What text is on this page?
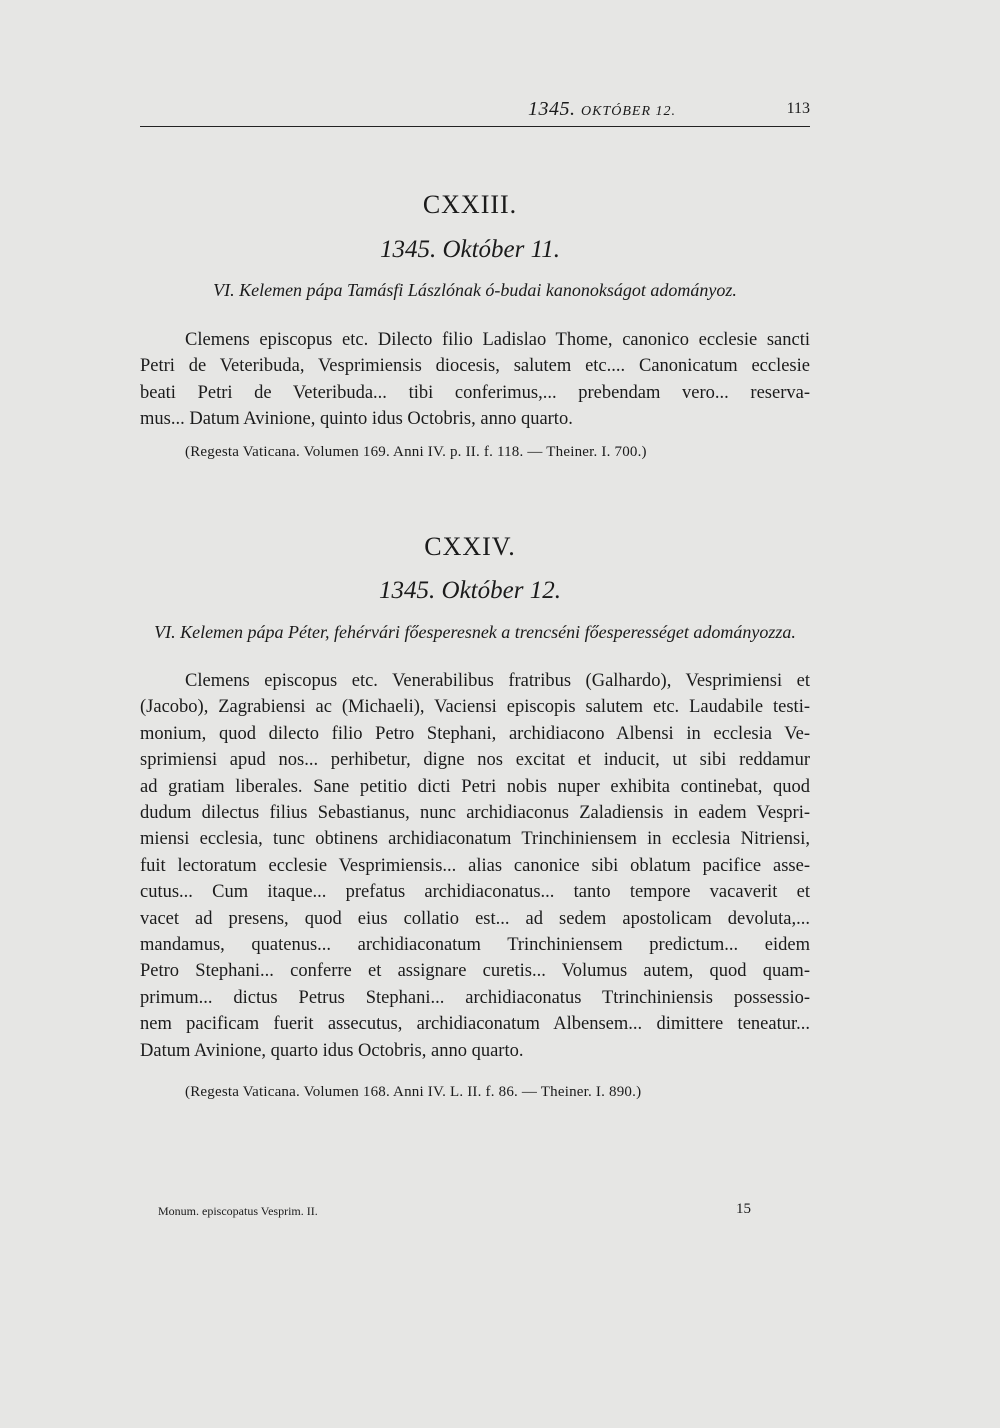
1345. OKTÓBER 12.	113
CXXIII.
1345. Október 11.
VI. Kelemen pápa Tamásfi Lászlónak ó-budai kanonokságot adományoz.
Clemens episcopus etc. Dilecto filio Ladislao Thome, canonico ecclesie sancti
Petri de Veteribuda, Vesprimiensis diocesis, salutem etc.... Canonicatum ecclesie
beati Petri de Veteribuda... tibi conferimus,... prebendam vero... reserva-
mus... Datum Avinione, quinto idus Octobris, anno quarto.
(Regesta Vaticana. Volumen 169. Anni IV. p. II. f. 118. — Theiner. I. 700.)
CXXIV.
1345. Október 12.
VI. Kelemen pápa Péter, fehérvári főesperesnek a trencséni főesperességet adományozza.
Clemens episcopus etc. Venerabilibus fratribus (Galhardo), Vesprimiensi et
(Jacobo), Zagrabiensi ac (Michaeli), Vaciensi episcopis salutem etc. Laudabile testi-
monium, quod dilecto filio Petro Stephani, archidiacono Albensi in ecclesia Ve-
sprimiensi apud nos... perhibetur, digne nos excitat et inducit, ut sibi reddamur
ad gratiam liberales. Sane petitio dicti Petri nobis nuper exhibita continebat, quod
dudum dilectus filius Sebastianus, nunc archidiaconus Zaladiensis in eadem Vespri-
miensi ecclesia, tunc obtinens archidiaconatum Trinchiniensem in ecclesia Nitriensi,
fuit lectoratum ecclesie Vesprimiensis... alias canonice sibi oblatum pacifice asse-
cutus... Cum itaque... prefatus archidiaconatus... tanto tempore vacaverit et
vacet ad presens, quod eius collatio est... ad sedem apostolicam devoluta,...
mandamus, quatenus... archidiaconatum Trinchiniensem predictum... eidem
Petro Stephani... conferre et assignare curetis... Volumus autem, quod quam-
primum... dictus Petrus Stephani... archidiaconatus Ttrinchiniensis possessio-
nem pacificam fuerit assecutus, archidiaconatum Albensem... dimittere teneatur...
Datum Avinione, quarto idus Octobris, anno quarto.
(Regesta Vaticana. Volumen 168. Anni IV. L. II. f. 86. — Theiner. I. 890.)
Monum. episcopatus Vesprim. II.	15
